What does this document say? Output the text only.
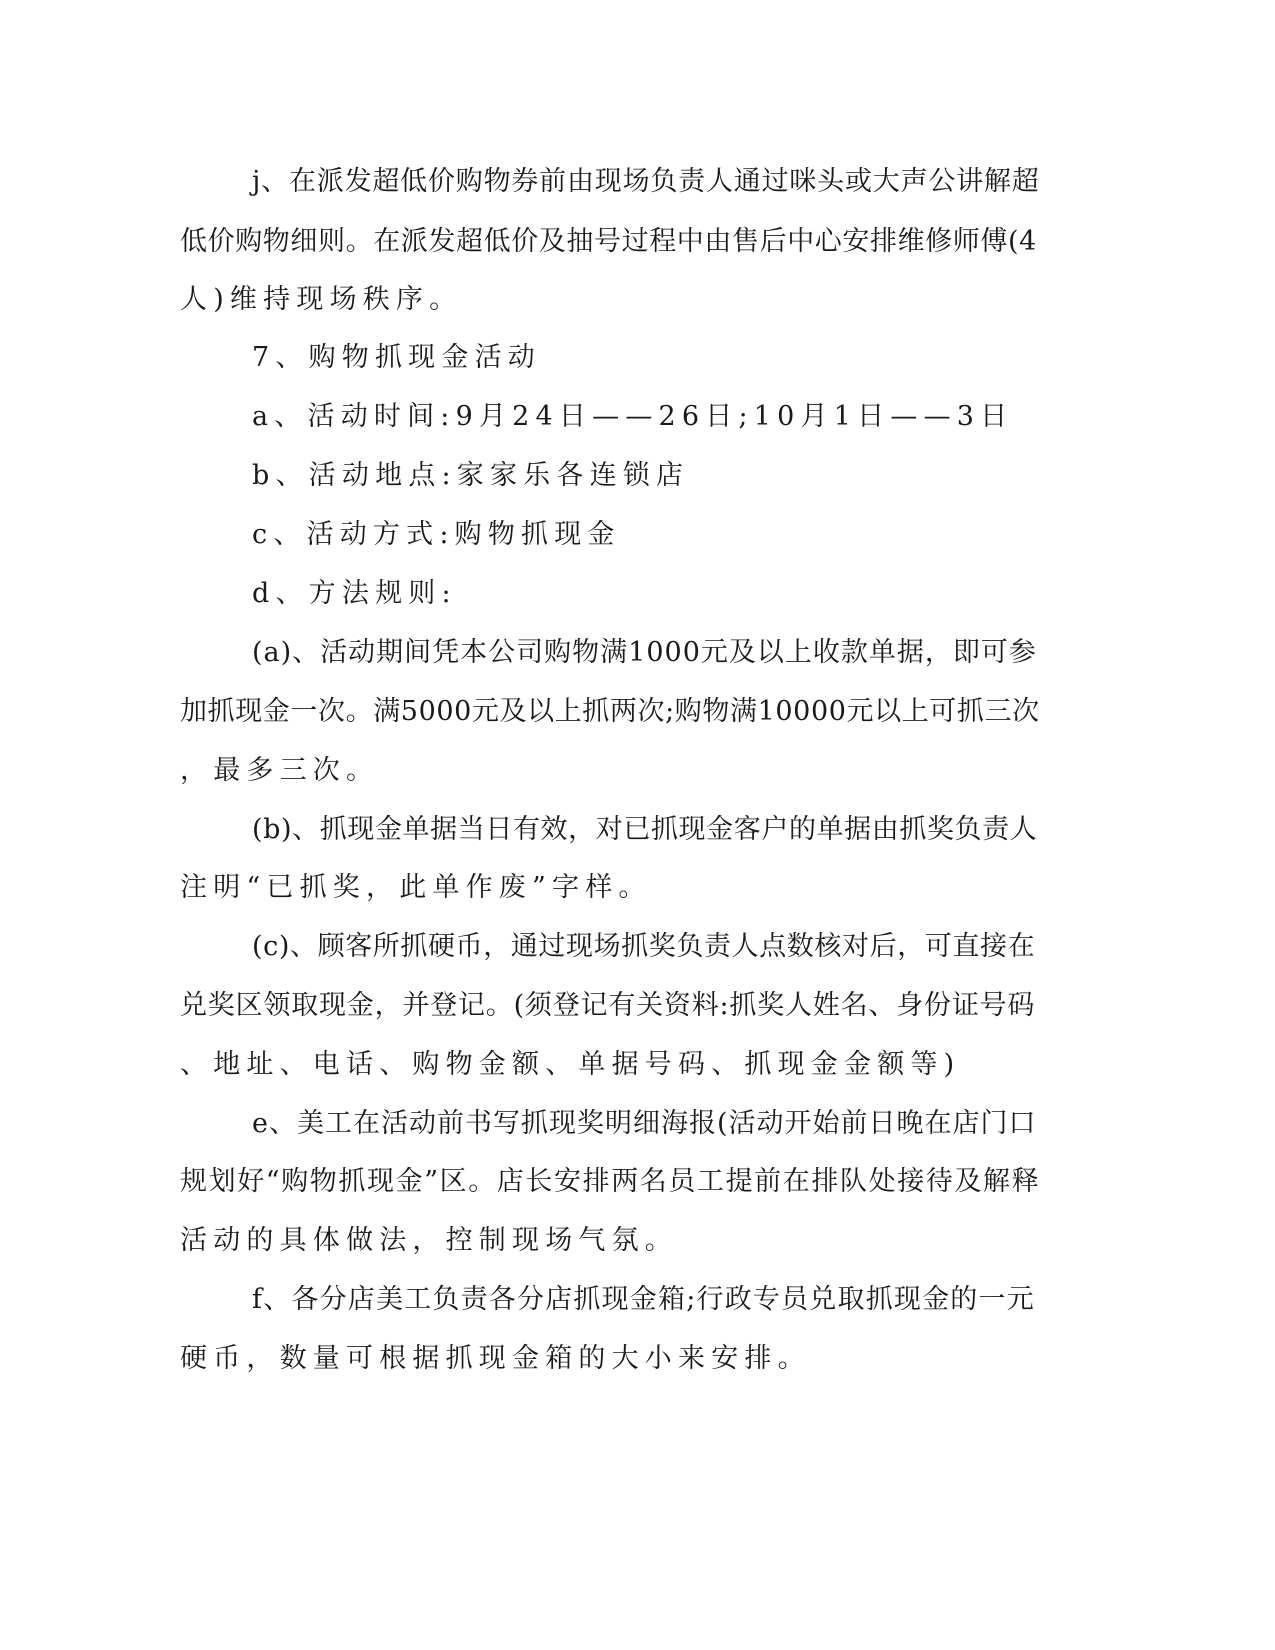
j、在派发超低价购物券前由现场负责人通过咪头或大声公讲解超
低价购物细则。在派发超低价及抽号过程中由售后中心安排维修师傅(4
人)维持现场秩序。
7、购物抓现金活动
a、活动时间:9月24日——26日;10月1日——3日
b、活动地点:家家乐各连锁店
c、活动方式:购物抓现金
d、方法规则:
(a)、活动期间凭本公司购物满1000元及以上收款单据，即可参
加抓现金一次。满5000元及以上抓两次;购物满10000元以上可抓三次
，最多三次。
(b)、抓现金单据当日有效，对已抓现金客户的单据由抓奖负责人
注明“已抓奖，此单作废”字样。
(c)、顾客所抓硬币，通过现场抓奖负责人点数核对后，可直接在
兑奖区领取现金，并登记。(须登记有关资料:抓奖人姓名、身份证号码
、地址、电话、购物金额、单据号码、抓现金金额等)
e、美工在活动前书写抓现奖明细海报(活动开始前日晚在店门口
规划好“购物抓现金”区。店长安排两名员工提前在排队处接待及解释
活动的具体做法，控制现场气氛。
f、各分店美工负责各分店抓现金箱;行政专员兑取抓现金的一元
硬币，数量可根据抓现金箱的大小来安排。
